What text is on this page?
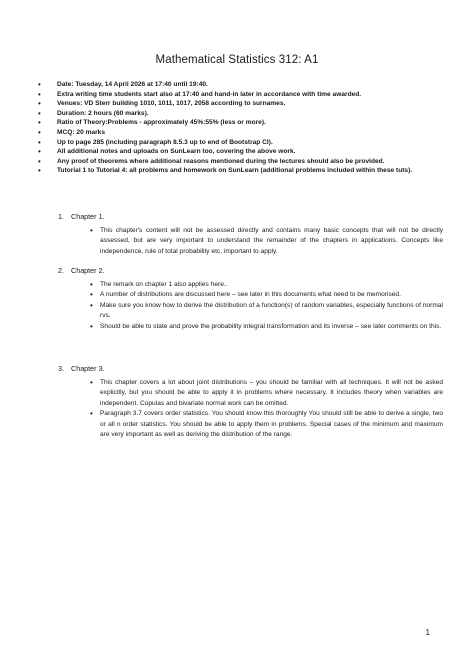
Mathematical Statistics 312: A1
• Date: Tuesday, 14 April 2026 at 17:40 until 19:40.
• Extra writing time students start also at 17:40 and hand-in later in accordance with time awarded.
• Venues: VD Sterr building 1010, 1011, 1017, 2058 according to surnames.
• Duration: 2 hours (60 marks).
• Ratio of Theory:Problems - approximately 45%:55% (less or more).
• MCQ: 20 marks
• Up to page 285 (including paragraph 8.5.3 up to end of Bootstrap CI).
• All additional notes and uploads on SunLearn too, covering the above work.
• Any proof of theorems where additional reasons mentioned during the lectures should also be provided.
• Tutorial 1 to Tutorial 4: all problems and homework on SunLearn (additional problems included within these tuts).
1. Chapter 1.
• This chapter's content will not be assessed directly and contains many basic concepts that will not be directly assessed, but are very important to understand the remainder of the chapters in applications. Concepts like independence, rule of total probability etc. important to apply.
2. Chapter 2.
• The remark on chapter 1 also applies here..
• A number of distributions are discussed here – see later in this documents what need to be memorised.
• Make sure you know how to derive the distribution of a function(s) of random variables, especially functions of normal rvs.
• Should be able to state and prove the probability integral transformation and its inverse – see later comments on this.
3. Chapter 3.
• This chapter covers a lot about joint distributions – you should be familiar with all techniques. It will not be asked explicitly, but you should be able to apply it in problems where necessary. It includes theory when variables are independent. Copulas and bivariate normal work can be omitted.
• Paragraph 3.7 covers order statistics. You should know this thoroughly You should still be able to derive a single, two or all n order statistics. You should be able to apply them in problems. Special cases of the minimum and maximum are very important as well as deriving the distribution of the range.
1
